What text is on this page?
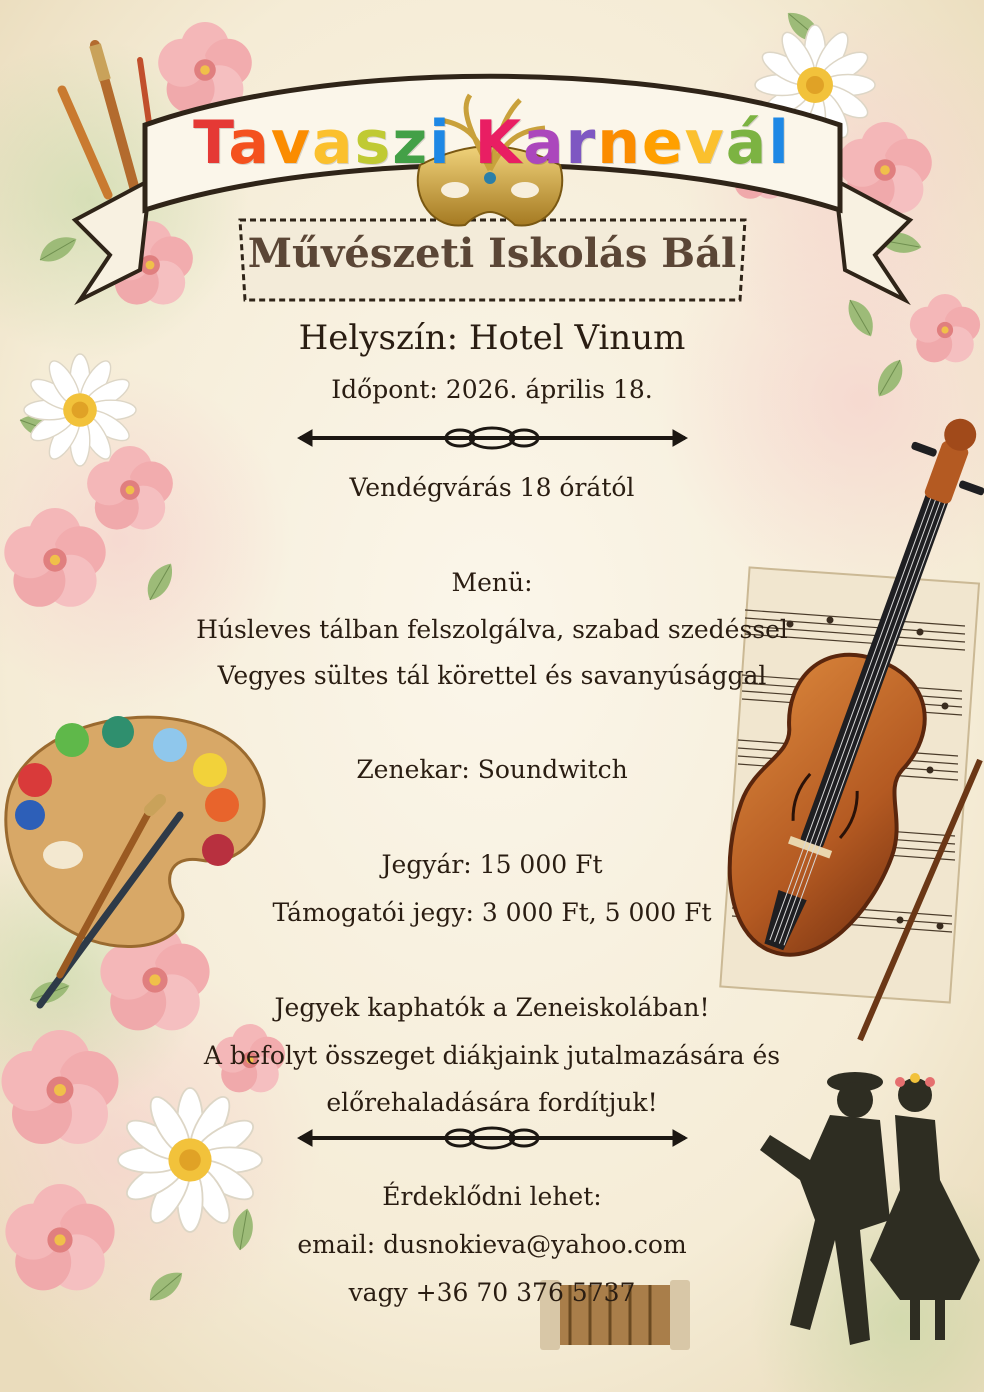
Tavaszi Karnevál
Művészeti Iskolás Bál
Helyszín: Hotel Vinum
Időpont: 2026. április 18.
Vendégvárás 18 órától
Menü:
Húsleves tálban felszolgálva, szabad szedéssel
Vegyes sültes tál körettel és savanyúsággal
Zenekar: Soundwitch
Jegyár: 15 000 Ft
Támogatói jegy: 3 000 Ft, 5 000 Ft
Jegyek kaphatók a Zeneiskolában!
A befolyt összeget diákjaink jutalmazására és
előrehaladására fordítjuk!
Érdeklődni lehet:
email: dusnokieva@yahoo.com
vagy +36 70 376 5737
